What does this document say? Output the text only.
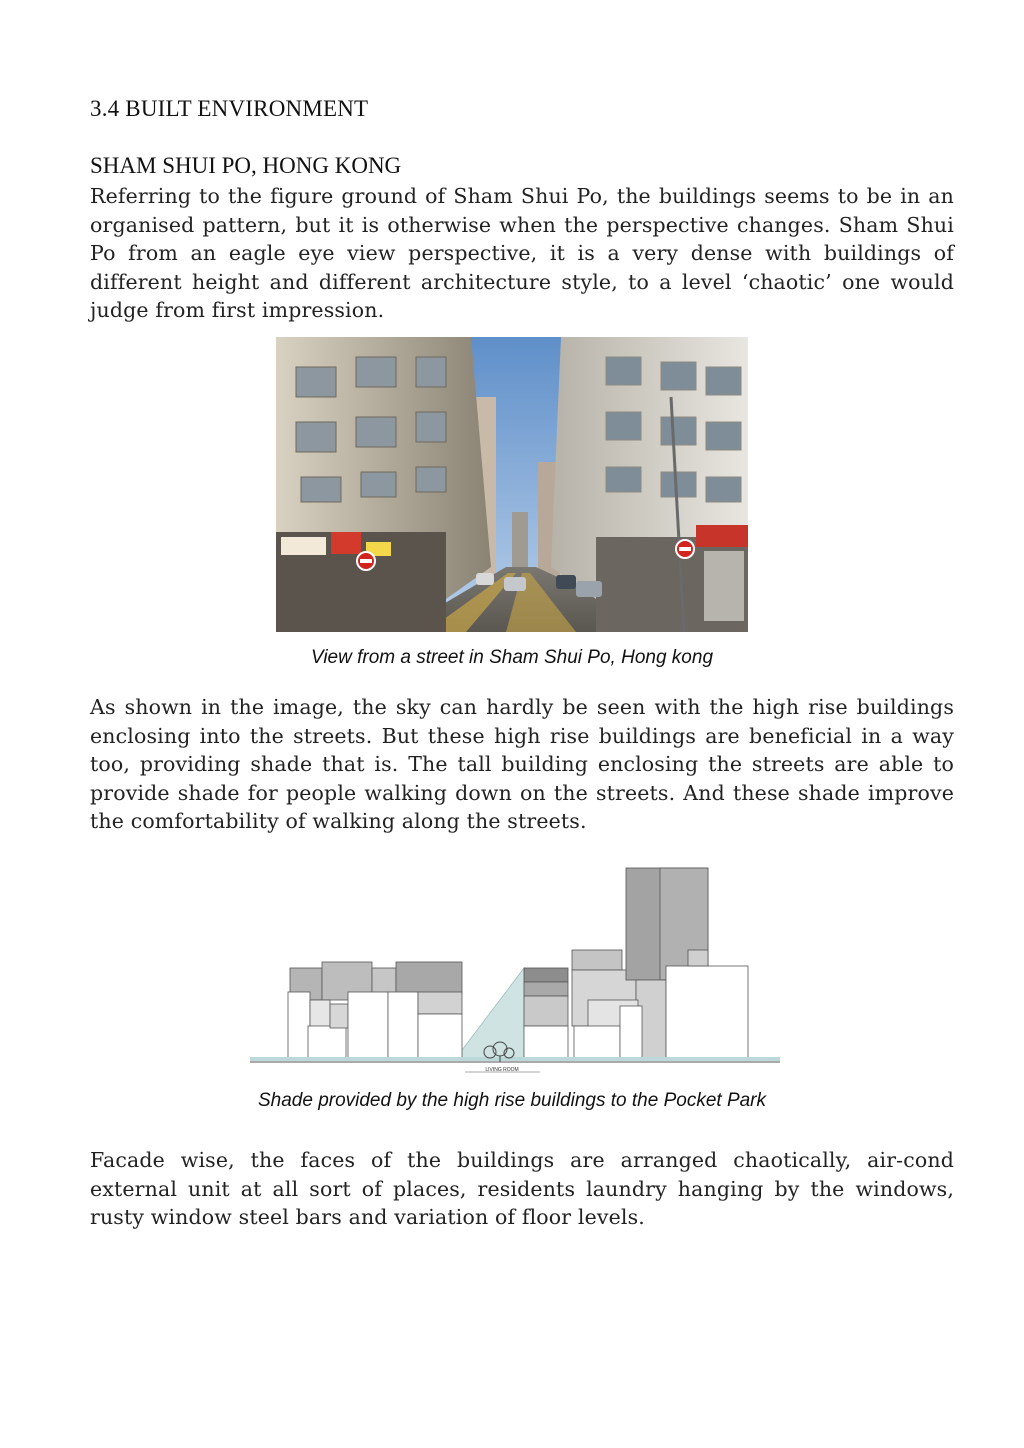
3.4 BUILT ENVIRONMENT
SHAM SHUI PO, HONG KONG

Referring to the figure ground of Sham Shui Po, the buildings seems to be in an organised pattern, but it is otherwise when the perspective changes. Sham Shui Po from an eagle eye view perspective, it is a very dense with buildings of different height and different architecture style, to a level ‘chaotic’ one would judge from first impression.

View from a street in Sham Shui Po, Hong kong

As shown in the image, the sky can hardly be seen with the high rise buildings enclosing into the streets. But these high rise buildings are beneficial in a way too, providing shade that is. The tall building enclosing the streets are able to provide shade for people walking down on the streets. And these shade improve the comfortability of walking along the streets.

LIVING ROOM

Shade provided by the high rise buildings to the Pocket Park

Facade wise, the faces of the buildings are arranged chaotically, air-cond external unit at all sort of places, residents laundry hanging by the windows, rusty window steel bars and variation of floor levels.
